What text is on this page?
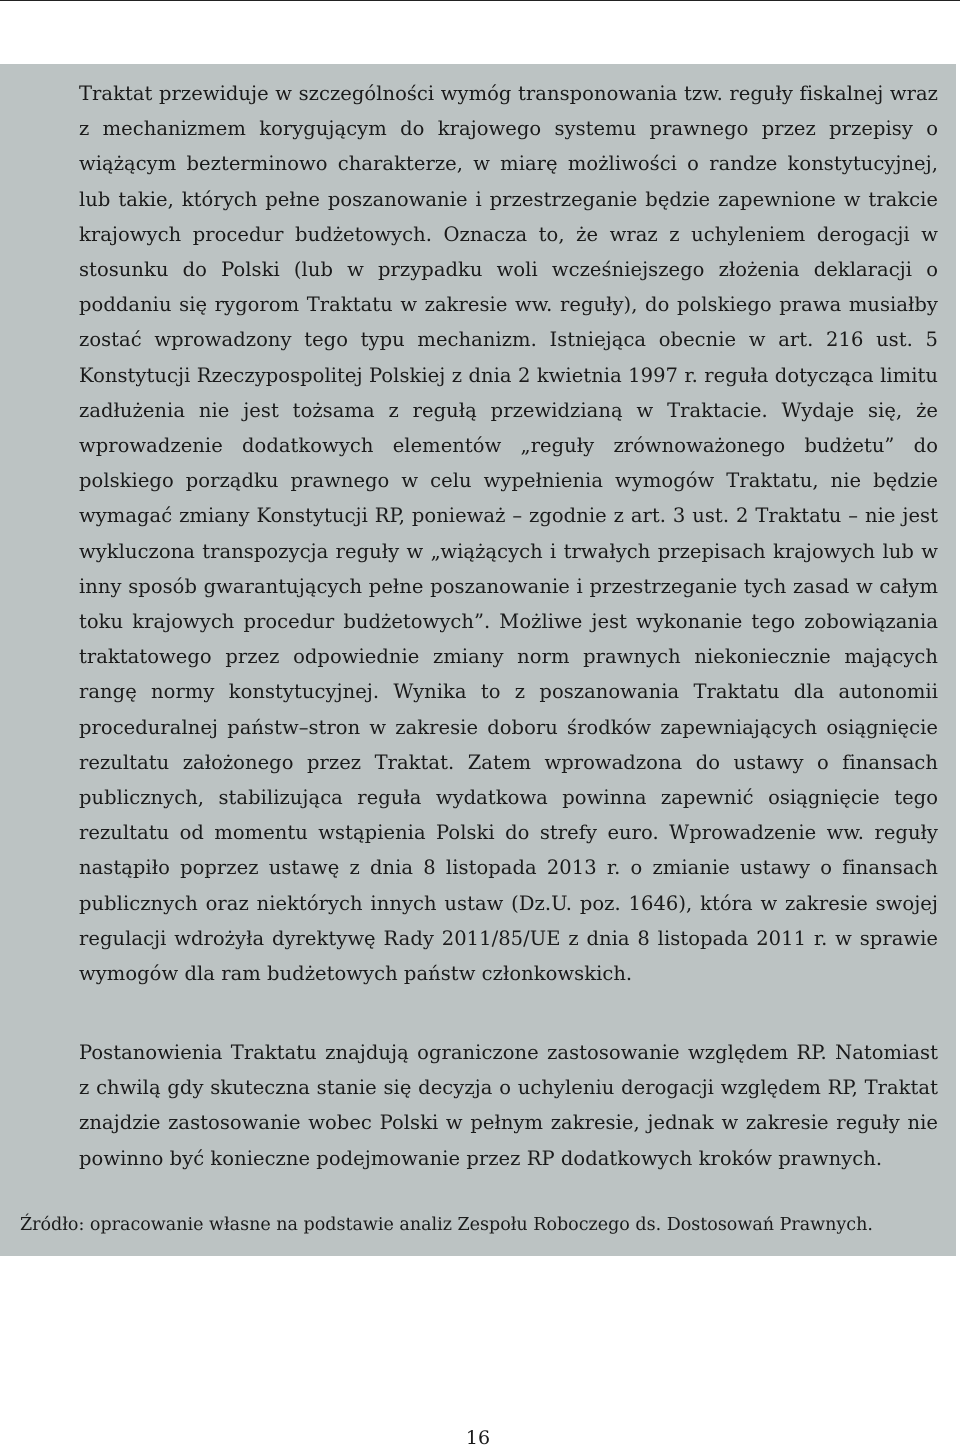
Traktat przewiduje w szczególności wymóg transponowania tzw. reguły fiskalnej wraz z mechanizmem korygującym do krajowego systemu prawnego przez przepisy o wiążącym bezterminowo charakterze, w miarę możliwości o randze konstytucyjnej, lub takie, których pełne poszanowanie i przestrzeganie będzie zapewnione w trakcie krajowych procedur budżetowych. Oznacza to, że wraz z uchyleniem derogacji w stosunku do Polski (lub w przypadku woli wcześniejszego złożenia deklaracji o poddaniu się rygorom Traktatu w zakresie ww. reguły), do polskiego prawa musiałby zostać wprowadzony tego typu mechanizm. Istniejąca obecnie w art. 216 ust. 5 Konstytucji Rzeczypospolitej Polskiej z dnia 2 kwietnia 1997 r. reguła dotycząca limitu zadłużenia nie jest tożsama z regułą przewidzianą w Traktacie. Wydaje się, że wprowadzenie dodatkowych elementów „reguły zrównoważonego budżetu” do polskiego porządku prawnego w celu wypełnienia wymogów Traktatu, nie będzie wymagać zmiany Konstytucji RP, ponieważ – zgodnie z art. 3 ust. 2 Traktatu – nie jest wykluczona transpozycja reguły w „wiążących i trwałych przepisach krajowych lub w inny sposób gwarantujących pełne poszanowanie i przestrzeganie tych zasad w całym toku krajowych procedur budżetowych”. Możliwe jest wykonanie tego zobowiązania traktatowego przez odpowiednie zmiany norm prawnych niekoniecznie mających rangę normy konstytucyjnej. Wynika to z poszanowania Traktatu dla autonomii proceduralnej państw–stron w zakresie doboru środków zapewniających osiągnięcie rezultatu założonego przez Traktat. Zatem wprowadzona do ustawy o finansach publicznych, stabilizująca reguła wydatkowa powinna zapewnić osiągnięcie tego rezultatu od momentu wstąpienia Polski do strefy euro. Wprowadzenie ww. reguły nastąpiło poprzez ustawę z dnia 8 listopada 2013 r. o zmianie ustawy o finansach publicznych oraz niektórych innych ustaw (Dz.U. poz. 1646), która w zakresie swojej regulacji wdrożyła dyrektywę Rady 2011/85/UE z dnia 8 listopada 2011 r. w sprawie wymogów dla ram budżetowych państw członkowskich.

Postanowienia Traktatu znajdują ograniczone zastosowanie względem RP. Natomiast z chwilą gdy skuteczna stanie się decyzja o uchyleniu derogacji względem RP, Traktat znajdzie zastosowanie wobec Polski w pełnym zakresie, jednak w zakresie reguły nie powinno być konieczne podejmowanie przez RP dodatkowych kroków prawnych.

Źródło: opracowanie własne na podstawie analiz Zespołu Roboczego ds. Dostosowań Prawnych.

16
